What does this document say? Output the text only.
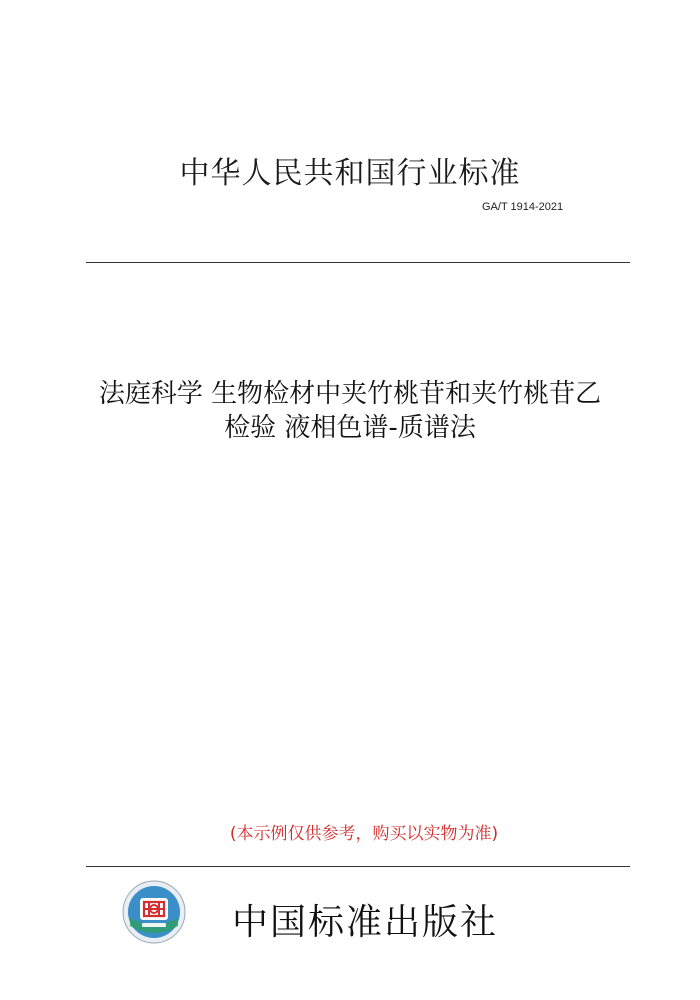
中华人民共和国行业标准
GA/T 1914-2021
法庭科学 生物检材中夹竹桃苷和夹竹桃苷乙
检验 液相色谱-质谱法
(本示例仅供参考，购买以实物为准)
中国标准出版社
